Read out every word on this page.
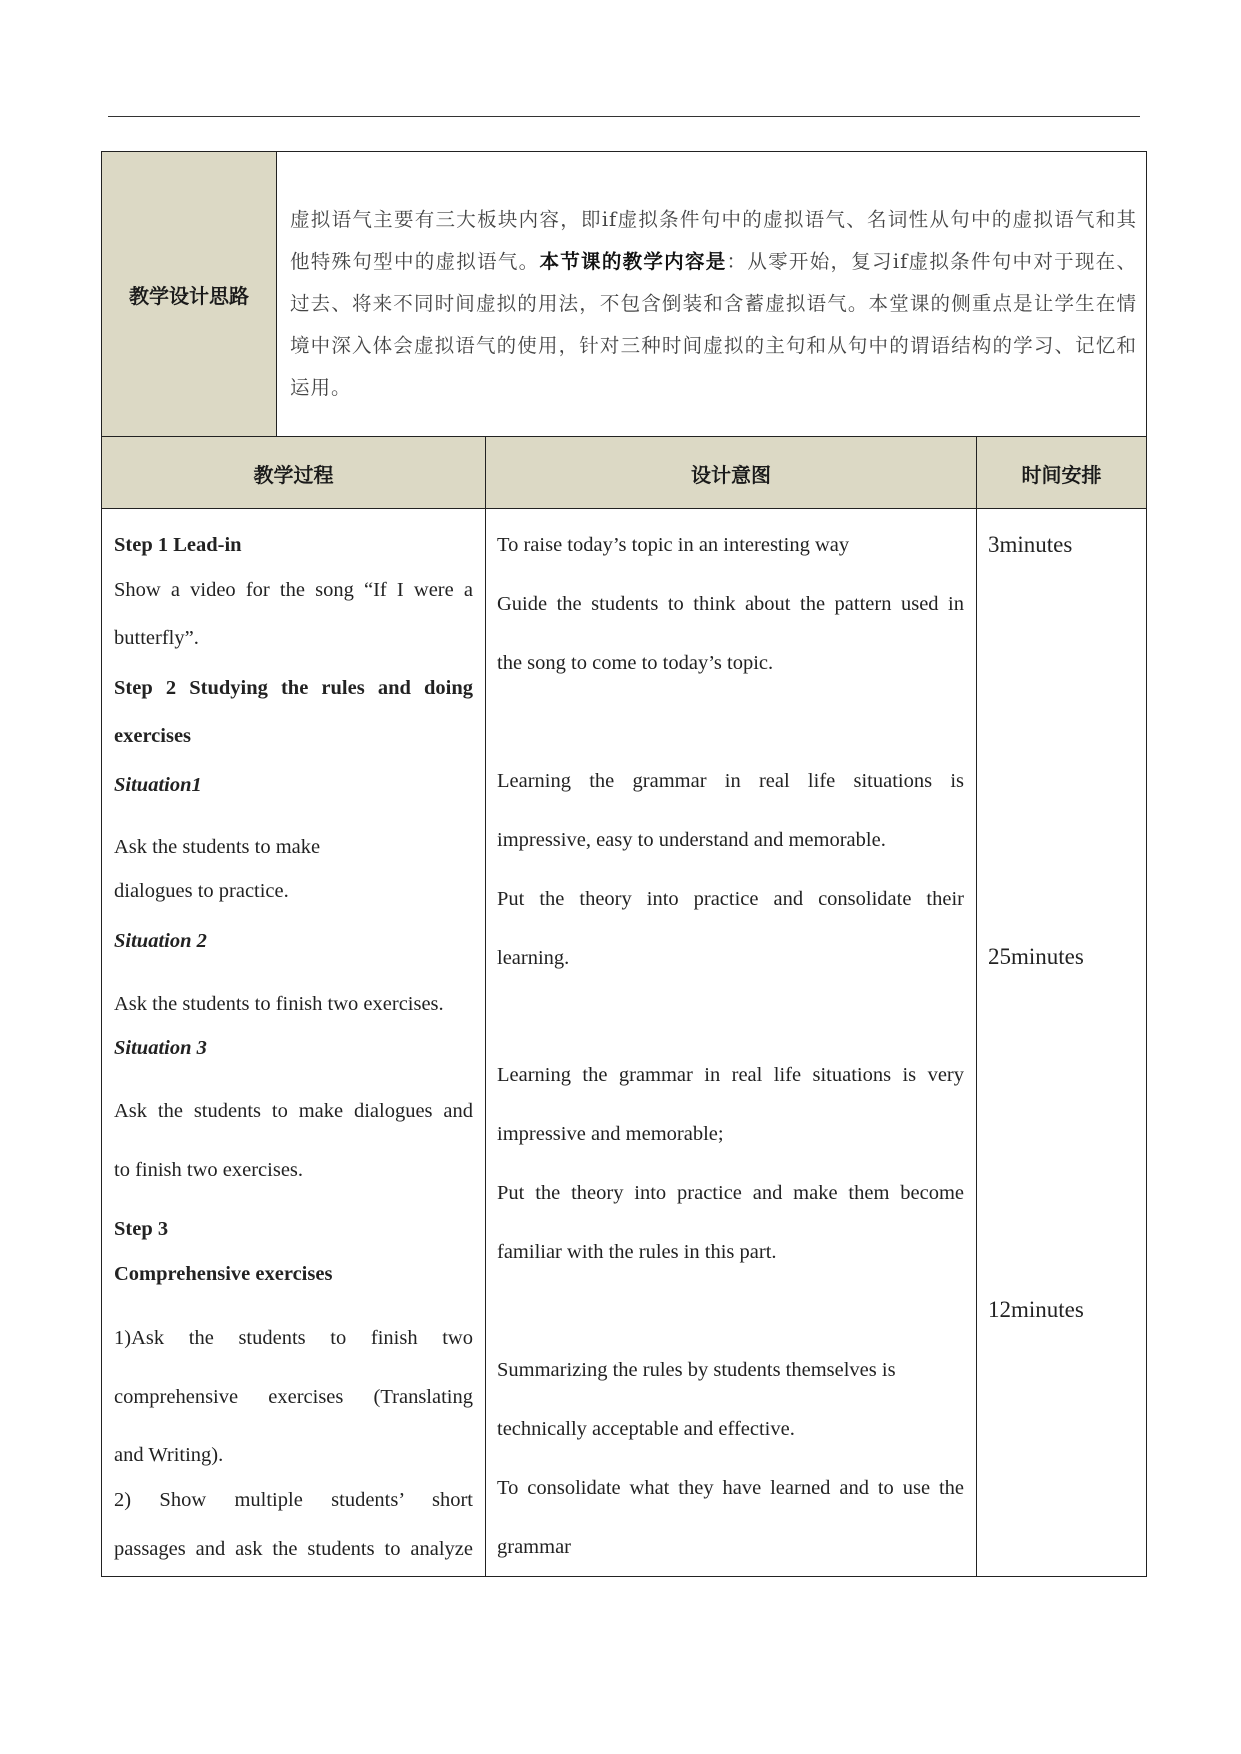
教学设计思路
虚拟语气主要有三大板块内容，即if虚拟条件句中的虚拟语气、名词性从句中的虚拟语气和其他特殊句型中的虚拟语气。本节课的教学内容是：从零开始，复习if虚拟条件句中对于现在、过去、将来不同时间虚拟的用法，不包含倒装和含蓄虚拟语气。本堂课的侧重点是让学生在情境中深入体会虚拟语气的使用，针对三种时间虚拟的主句和从句中的谓语结构的学习、记忆和运用。
教学过程	设计意图	时间安排

Step 1 Lead-in

Show a video for the song “If I were a

butterfly”.

Step 2 Studying the rules and doing

exercises

Situation1

Ask the students to make

dialogues to practice.

Situation 2

Ask the students to finish two exercises.

Situation 3

Ask the students to make dialogues and

to finish two exercises.

Step 3

Comprehensive exercises

1)Ask the students to finish two

comprehensive exercises (Translating

and Writing).

2) Show multiple students’ short

passages and ask the students to analyze

To raise today’s topic in an interesting way

Guide the students to think about the pattern used in

the song to come to today’s topic.

Learning the grammar in real life situations is

impressive, easy to understand and memorable.

Put the theory into practice and consolidate their

learning.

Learning the grammar in real life situations is very

impressive and memorable;

Put the theory into practice and make them become

familiar with the rules in this part.

Summarizing the rules by students themselves is

technically acceptable and effective.

To consolidate what they have learned and to use the

grammar

3minutes
25minutes
12minutes
